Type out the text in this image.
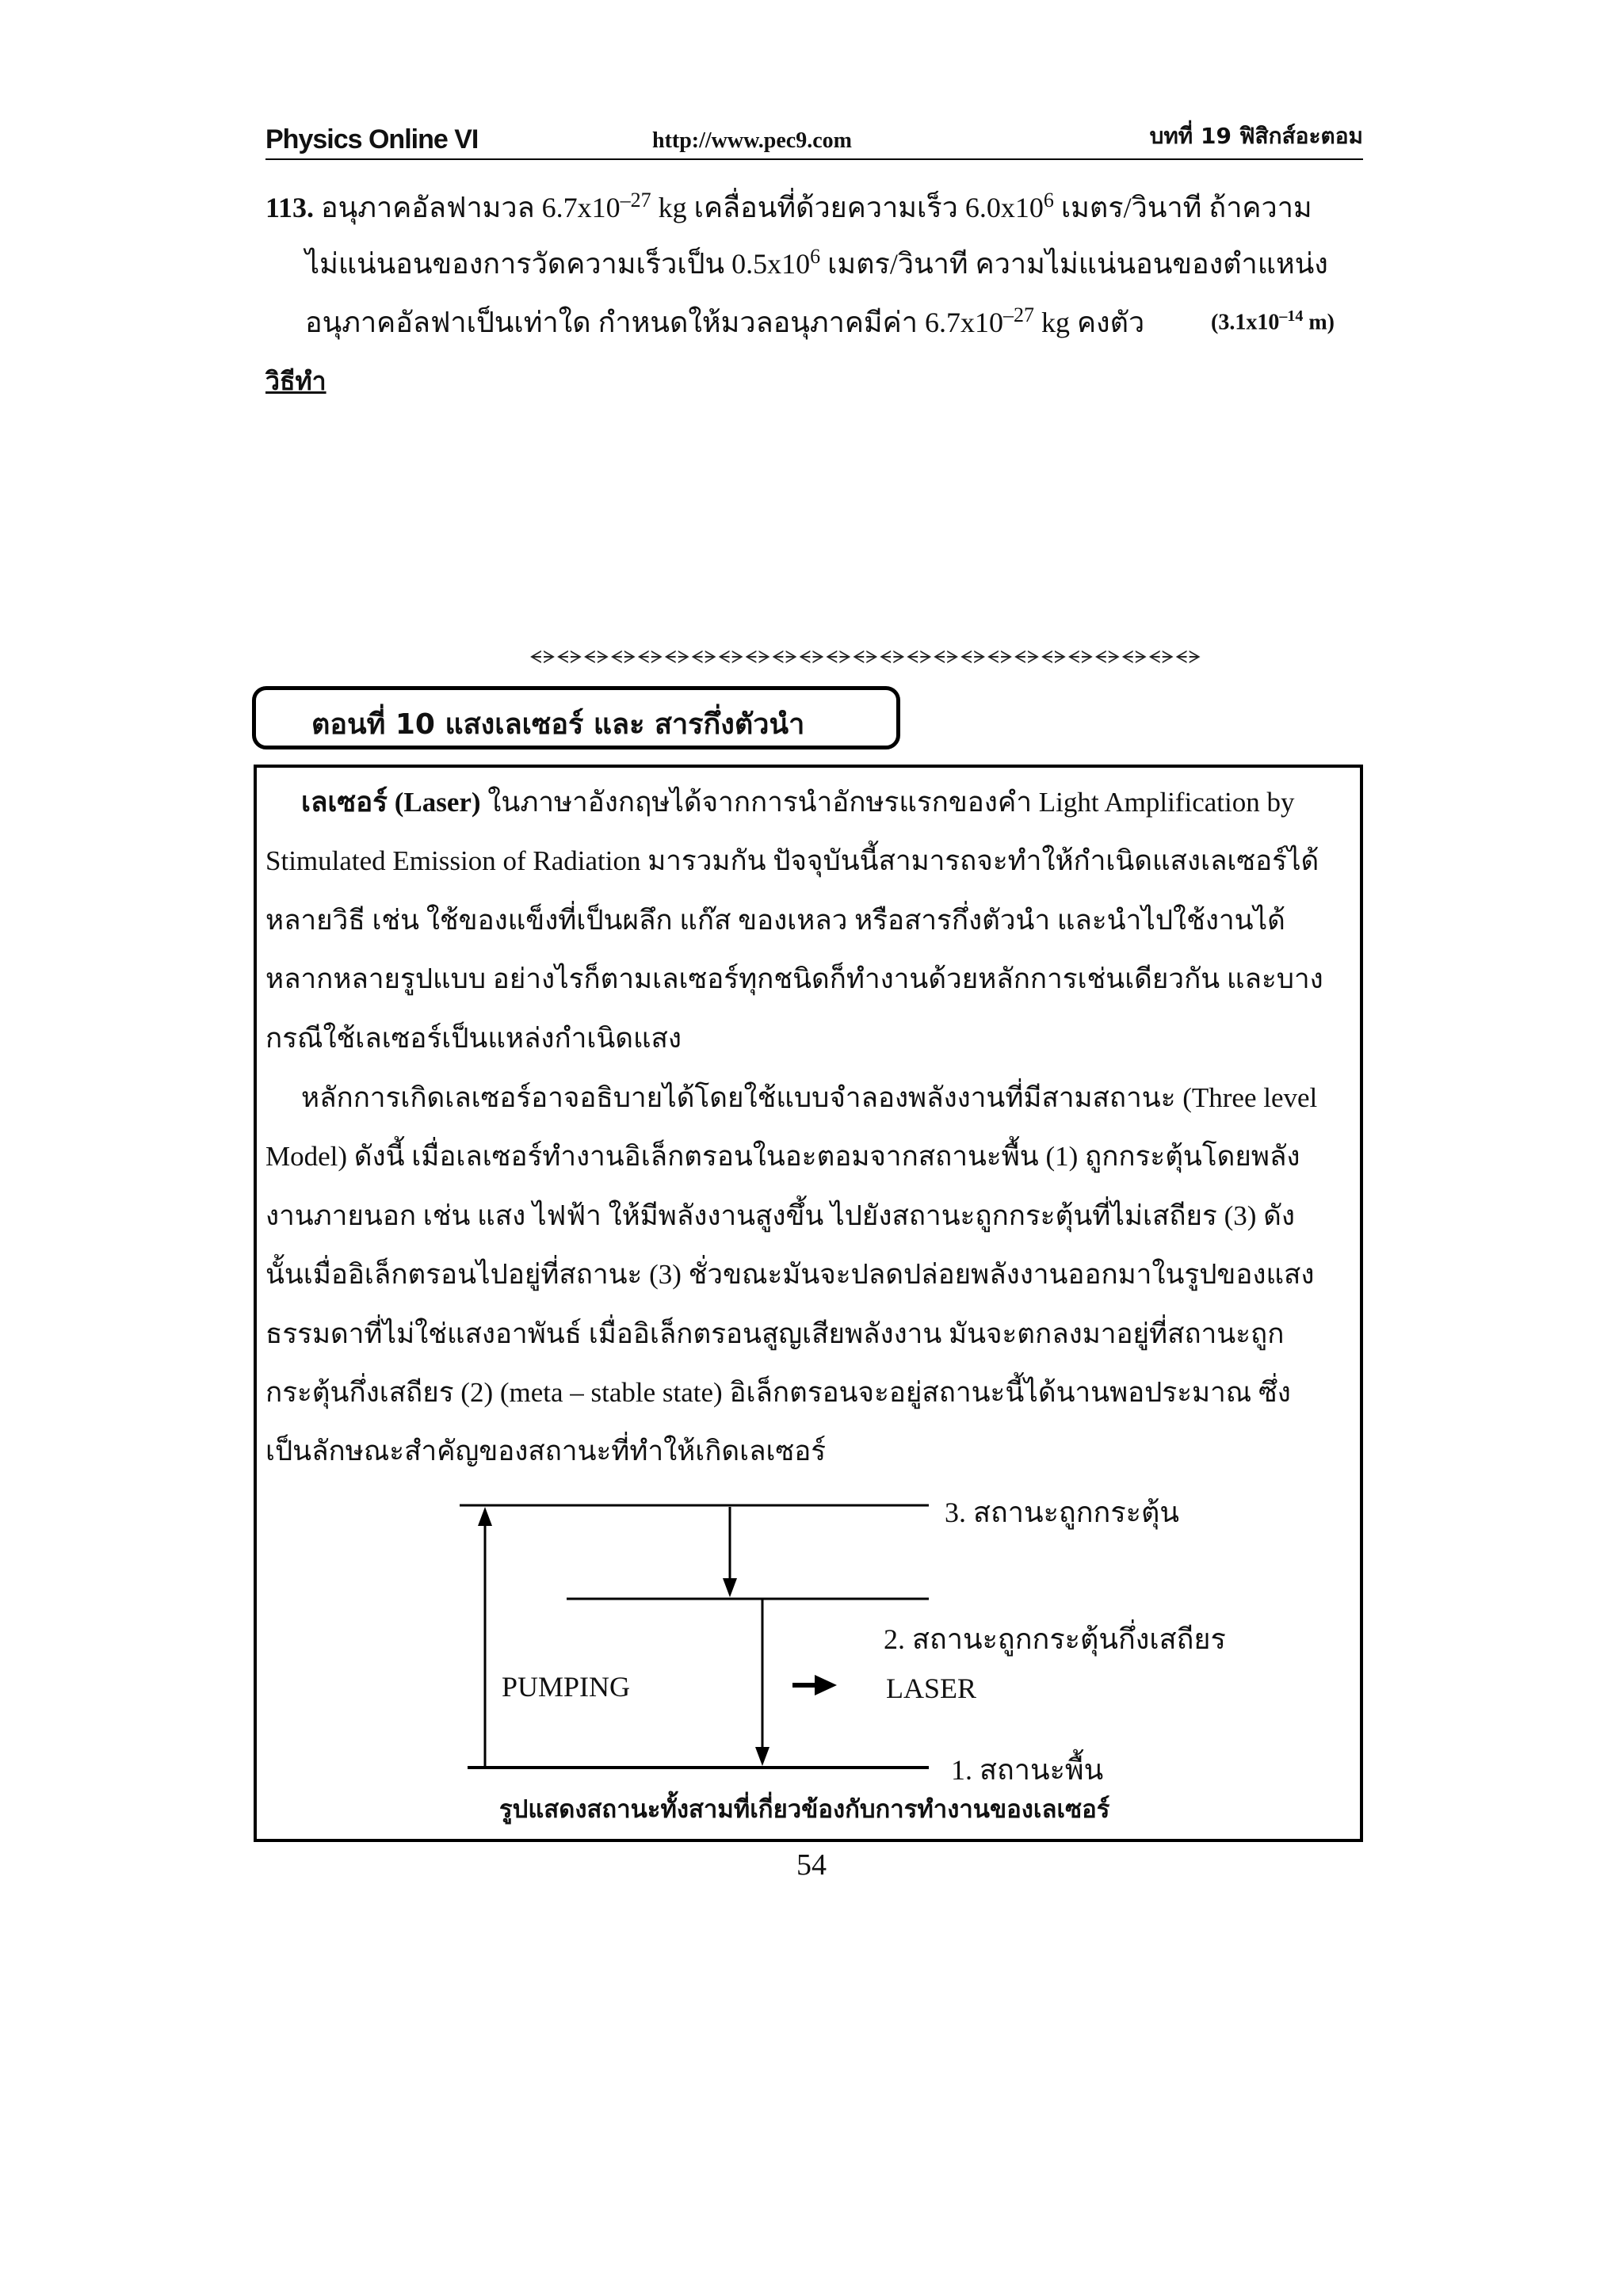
Physics Online VI	http://www.pec9.com	บทที่ 19 ฟิสิกส์อะตอม
113. อนุภาคอัลฟามวล $6.7x10^{-27}$ kg เคลื่อนที่ด้วยความเร็ว $6.0x10^6$ เมตร/วินาที ถ้าความ
ไม่แน่นอนของการวัดความเร็วเป็น $0.5x10^6$ เมตร/วินาที ความไม่แน่นอนของตำแหน่ง
อนุภาคอัลฟาเป็นเท่าใด กำหนดให้มวลอนุภาคมีค่า $6.7x10^{-27}$ kg คงตัว	($3.1x10^{-14}$ m)
วิธีทำ
ᗕᗒᗕᗒᗕᗒᗕᗒᗕᗒᗕᗒᗕᗒᗕᗒᗕᗒᗕᗒᗕᗒᗕᗒᗕᗒᗕᗒᗕᗒᗕᗒᗕᗒᗕᗒᗕᗒᗕᗒᗕᗒᗕᗒᗕᗒᗕᗒᗕᗒ
ตอนที่ 10 แสงเลเซอร์ และ สารกึ่งตัวนำ
เลเซอร์ (Laser) ในภาษาอังกฤษได้จากการนำอักษรแรกของคำ Light Amplification by
Stimulated Emission of Radiation มารวมกัน ปัจจุบันนี้สามารถจะทำให้กำเนิดแสงเลเซอร์ได้
หลายวิธี เช่น ใช้ของแข็งที่เป็นผลึก แก๊ส ของเหลว หรือสารกึ่งตัวนำ และนำไปใช้งานได้
หลากหลายรูปแบบ อย่างไรก็ตามเลเซอร์ทุกชนิดก็ทำงานด้วยหลักการเช่นเดียวกัน และบาง
กรณีใช้เลเซอร์เป็นแหล่งกำเนิดแสง
หลักการเกิดเลเซอร์อาจอธิบายได้โดยใช้แบบจำลองพลังงานที่มีสามสถานะ (Three level
Model) ดังนี้ เมื่อเลเซอร์ทำงานอิเล็กตรอนในอะตอมจากสถานะพื้น (1) ถูกกระตุ้นโดยพลัง
งานภายนอก เช่น แสง ไฟฟ้า ให้มีพลังงานสูงขึ้น ไปยังสถานะถูกกระตุ้นที่ไม่เสถียร (3) ดัง
นั้นเมื่ออิเล็กตรอนไปอยู่ที่สถานะ (3) ชั่วขณะมันจะปลดปล่อยพลังงานออกมาในรูปของแสง
ธรรมดาที่ไม่ใช่แสงอาพันธ์ เมื่ออิเล็กตรอนสูญเสียพลังงาน มันจะตกลงมาอยู่ที่สถานะถูก
กระตุ้นกึ่งเสถียร (2) (meta – stable state) อิเล็กตรอนจะอยู่สถานะนี้ได้นานพอประมาณ ซึ่ง
เป็นลักษณะสำคัญของสถานะที่ทำให้เกิดเลเซอร์
3. สถานะถูกกระตุ้น
2. สถานะถูกกระตุ้นกึ่งเสถียร
1. สถานะพื้น
PUMPING	LASER
รูปแสดงสถานะทั้งสามที่เกี่ยวข้องกับการทำงานของเลเซอร์
54
